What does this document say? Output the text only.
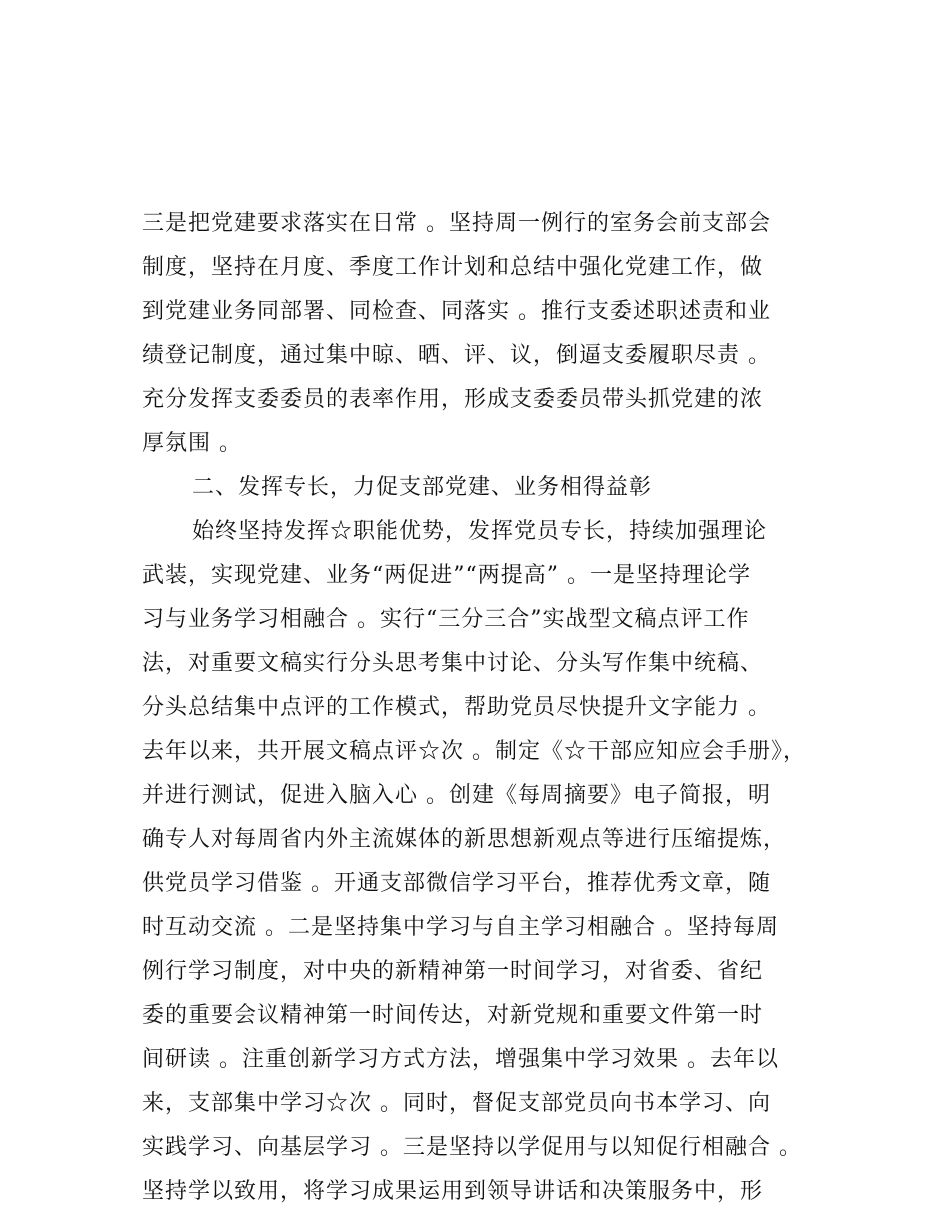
三是把党建要求落实在日常 。坚持周一例行的室务会前支部会
制度，坚持在月度、季度工作计划和总结中强化党建工作，做
到党建业务同部署、同检查、同落实 。推行支委述职述责和业
绩登记制度，通过集中晾、晒、评、议，倒逼支委履职尽责 。
充分发挥支委委员的表率作用，形成支委委员带头抓党建的浓
厚氛围 。
二、发挥专长，力促支部党建、业务相得益彰
始终坚持发挥☆职能优势，发挥党员专长，持续加强理论
武装，实现党建、业务“两促进”“两提高” 。一是坚持理论学
习与业务学习相融合 。实行“三分三合”实战型文稿点评工作
法，对重要文稿实行分头思考集中讨论、分头写作集中统稿、
分头总结集中点评的工作模式，帮助党员尽快提升文字能力 。
去年以来，共开展文稿点评☆次 。制定《☆干部应知应会手册》，
并进行测试，促进入脑入心 。创建《每周摘要》电子简报，明
确专人对每周省内外主流媒体的新思想新观点等进行压缩提炼，
供党员学习借鉴 。开通支部微信学习平台，推荐优秀文章，随
时互动交流 。二是坚持集中学习与自主学习相融合 。坚持每周
例行学习制度，对中央的新精神第一时间学习，对省委、省纪
委的重要会议精神第一时间传达，对新党规和重要文件第一时
间研读 。注重创新学习方式方法，增强集中学习效果 。去年以
来，支部集中学习☆次 。同时，督促支部党员向书本学习、向
实践学习、向基层学习 。三是坚持以学促用与以知促行相融合 。
坚持学以致用，将学习成果运用到领导讲话和决策服务中，形
